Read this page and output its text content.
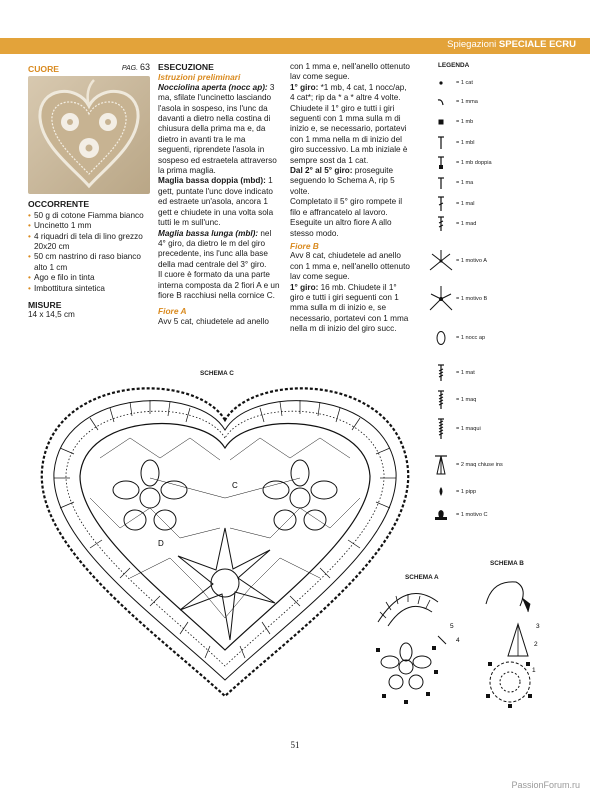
Spiegazioni SPECIALE ECRU
CUORE	PAG. 63
OCCORRENTE
• 50 g di cotone Fiamma bianco
• Uncinetto 1 mm
• 4 riquadri di tela di lino grezzo 20x20 cm
• 50 cm nastrino di raso bianco alto 1 cm
• Ago e filo in tinta
• Imbottitura sintetica
MISURE
14 x 14,5 cm
ESECUZIONE
Istruzioni preliminari

Nocciolina aperta (nocc ap): 3 ma, sfilate l'uncinetto lasciando l'asola in sospeso, ins l'unc da davanti a dietro nella costina di chiusura della prima ma e, da dietro in avanti tra le ma seguenti, riprendete l'asola in sospeso ed estraetela attraverso la prima maglia.

Maglia bassa doppia (mbd): 1 gett, puntate l'unc dove indicato ed estraete un'asola, ancora 1 gett e chiudete in una volta sola tutti le m sull'unc.

Maglia bassa lunga (mbl): nel 4° giro, da dietro le m del giro precedente, ins l'unc alla base della mad centrale del 3° giro.

Il cuore è formato da una parte interna composta da 2 fiori A e un fiore B racchiusi nella cornice C.

Fiore A

Avv 5 cat, chiudetele ad anello

con 1 mma e, nell'anello ottenuto lav come segue.

1° giro: *1 mb, 4 cat, 1 nocc/ap, 4 cat*; rip da * a * altre 4 volte. Chiudete il 1° giro e tutti i giri seguenti con 1 mma sulla m di inizio e, se necessario, portatevi con 1 mma nella m di inizio del giro successivo. La mb iniziale è sempre sost da 1 cat.

Dal 2° al 5° giro: proseguite seguendo lo Schema A, rip 5 volte.

Completato il 5° giro rompete il filo e affrancatelo al lavoro.

Eseguite un altro fiore A allo stesso modo.

Fiore B

Avv 8 cat, chiudetele ad anello con 1 mma e, nell'anello ottenuto lav come segue.

1° giro: 16 mb. Chiudete il 1° giro e tutti i giri seguenti con 1 mma sulla m di inizio e, se necessario, portatevi con 1 mma nella m di inizio del giro succ.

LEGENDA
= 1 cat
= 1 mma
= 1 mb
= 1 mbl
= 1 mb doppia
= 1 ma
= 1 mal
= 1 mad
= 1 motivo A
= 1 motivo B
= 1 nocc ap
= 1 mat
= 1 maq
= 1 maqui
= 2 maq chiuse ins
= 1 pipp
= 1 motivo C
SCHEMA C
SCHEMA A
SCHEMA B
C
D
5
4
3
2
1
51
PassionForum.ru
